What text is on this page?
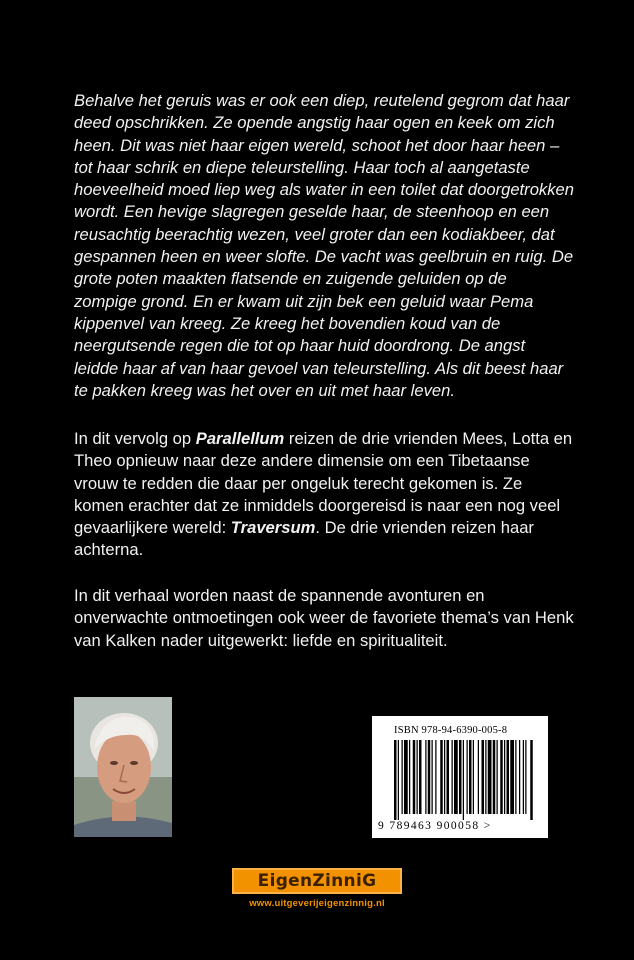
Behalve het geruis was er ook een diep, reutelend gegrom dat haar deed opschrikken. Ze opende angstig haar ogen en keek om zich heen. Dit was niet haar eigen wereld, schoot het door haar heen – tot haar schrik en diepe teleurstelling. Haar toch al aangetaste hoeveelheid moed liep weg als water in een toilet dat doorgetrokken wordt. Een hevige slagregen geselde haar, de steenhoop en een reusachtig beerachtig wezen, veel groter dan een kodiakbeer, dat gespannen heen en weer slofte. De vacht was geelbruin en ruig. De grote poten maakten flatsende en zuigende geluiden op de zompige grond. En er kwam uit zijn bek een geluid waar Pema kippenvel van kreeg. Ze kreeg het bovendien koud van de neergutsende regen die tot op haar huid doordrong. De angst leidde haar af van haar gevoel van teleurstelling. Als dit beest haar te pakken kreeg was het over en uit met haar leven.
In dit vervolg op Parallellum reizen de drie vrienden Mees, Lotta en Theo opnieuw naar deze andere dimensie om een Tibetaanse vrouw te redden die daar per ongeluk terecht gekomen is. Ze komen erachter dat ze inmiddels doorgereisd is naar een nog veel gevaarlijkere wereld: Traversum. De drie vrienden reizen haar achterna.
In dit verhaal worden naast de spannende avonturen en onverwachte ontmoetingen ook weer de favoriete thema’s van Henk van Kalken nader uitgewerkt: liefde en spiritualiteit.
ISBN 978-94-6390-005-8
9 789463 900058 >
EigenZinniG
www.uitgeverijeigenzinnig.nl
